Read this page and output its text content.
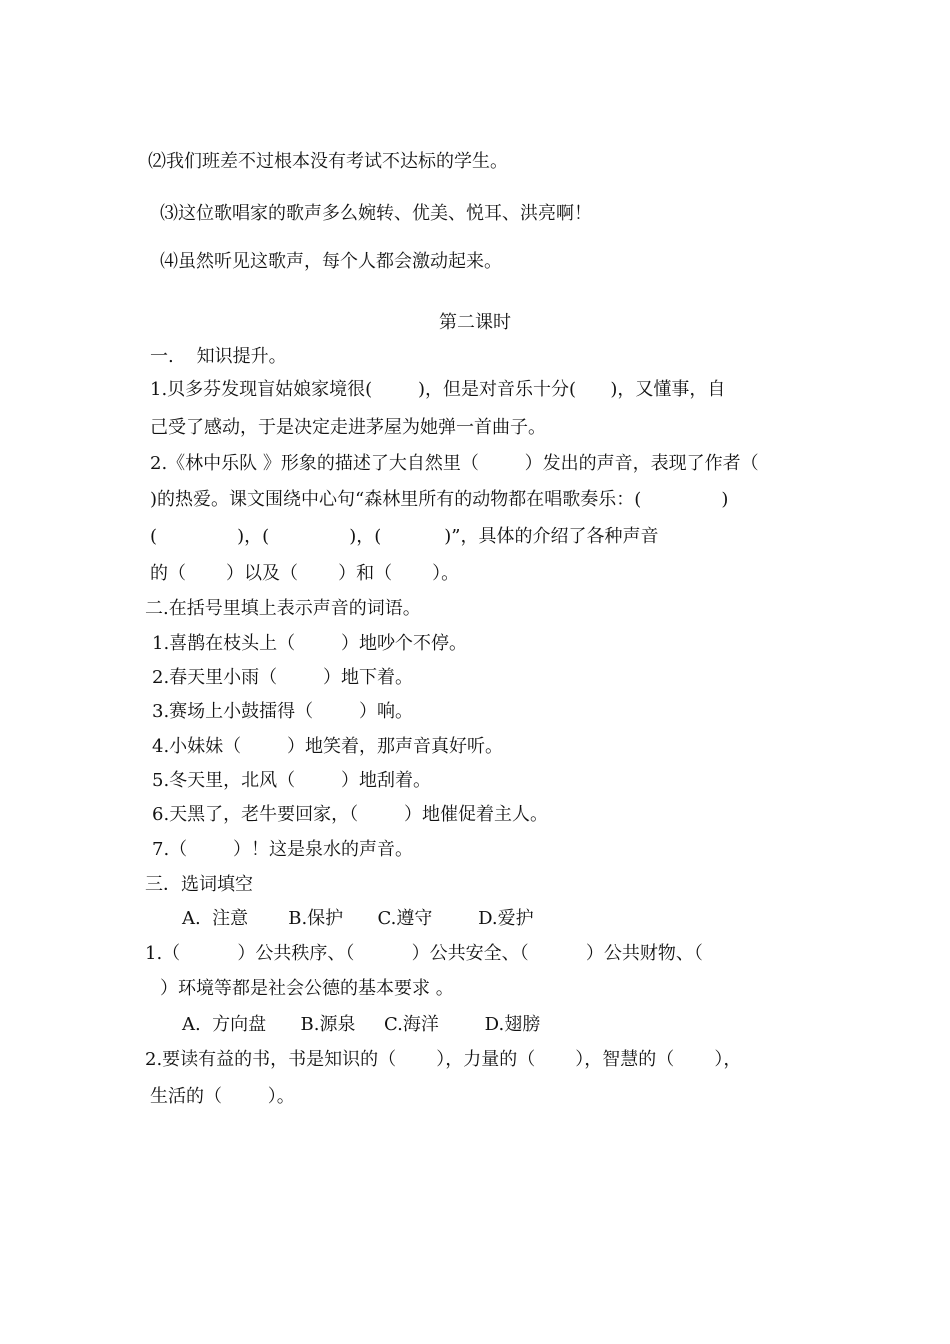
⑵我们班差不过根本没有考试不达标的学生。
⑶这位歌唱家的歌声多么婉转、优美、悦耳、洪亮啊！
⑷虽然听见这歌声，每个人都会激动起来。
第二课时
一.    知识提升。
1.贝多芬发现盲姑娘家境很(        )，但是对音乐十分(      )，又懂事，自
己受了感动，于是决定走进茅屋为她弹一首曲子。
2.《林中乐队 》形象的描述了大自然里（        ）发出的声音，表现了作者（
)的热爱。课文围绕中心句“森林里所有的动物都在唱歌奏乐：(              )
(              )，(              )，(           )”，具体的介绍了各种声音
的（       ）以及（       ）和（       ）。
二.在括号里填上表示声音的词语。
1.喜鹊在枝头上（        ）地吵个不停。
2.春天里小雨（        ）地下着。
3.赛场上小鼓擂得（        ）响。
4.小妹妹（        ）地笑着，那声音真好听。
5.冬天里，北风（        ）地刮着。
6.天黑了，老牛要回家，（        ）地催促着主人。
7.（        ）！这是泉水的声音。
三．选词填空
A.  注意       B.保护      C.遵守        D.爱护
1.（          ）公共秩序、（          ）公共安全、（          ）公共财物、（
）环境等都是社会公德的基本要求 。
A.  方向盘      B.源泉     C.海洋        D.翅膀
2.要读有益的书，书是知识的（       ），力量的（       ），智慧的（       ），
生活的（        ）。
